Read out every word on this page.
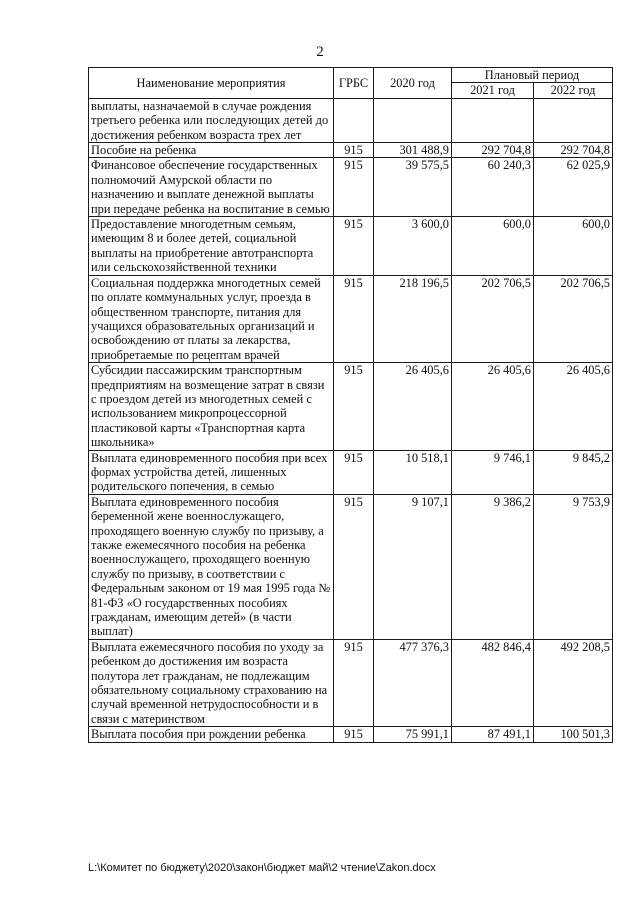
2
Наименование мероприятия	ГРБС	2020 год	Плановый период	
			2021 год	2022 год
выплаты, назначаемой в случае рождения третьего ребенка или последующих детей до достижения ребенком возраста трех лет				
Пособие на ребенка	915	301 488,9	292 704,8	292 704,8
Финансовое обеспечение государственных полномочий Амурской области по назначению и выплате денежной выплаты при передаче ребенка на воспитание в семью	915	39 575,5	60 240,3	62 025,9
Предоставление многодетным семьям, имеющим 8 и более детей, социальной выплаты на приобретение автотранспорта или сельскохозяйственной техники	915	3 600,0	600,0	600,0
Социальная поддержка многодетных семей по оплате коммунальных услуг, проезда в общественном транспорте, питания для учащихся образовательных организаций и освобождению от платы за лекарства, приобретаемые по рецептам врачей	915	218 196,5	202 706,5	202 706,5
Субсидии пассажирским транспортным предприятиям на возмещение затрат в связи с проездом детей из многодетных семей с использованием микропроцессорной пластиковой карты «Транспортная карта школьника»	915	26 405,6	26 405,6	26 405,6
Выплата единовременного пособия при всех формах устройства детей, лишенных родительского попечения, в семью	915	10 518,1	9 746,1	9 845,2
Выплата единовременного пособия беременной жене военнослужащего, проходящего военную службу по призыву, а также ежемесячного пособия на ребенка военнослужащего, проходящего военную службу по призыву, в соответствии с Федеральным законом от 19 мая 1995 года № 81-ФЗ «О государственных пособиях гражданам, имеющим детей» (в части выплат)	915	9 107,1	9 386,2	9 753,9
Выплата ежемесячного пособия по уходу за ребенком до достижения им возраста полутора лет гражданам, не подлежащим обязательному социальному страхованию на случай временной нетрудоспособности и в связи с материнством	915	477 376,3	482 846,4	492 208,5
Выплата пособия при рождении ребенка	915	75 991,1	87 491,1	100 501,3
L:\Комитет по бюджету\2020\закон\бюджет май\2 чтение\Zakon.docx
